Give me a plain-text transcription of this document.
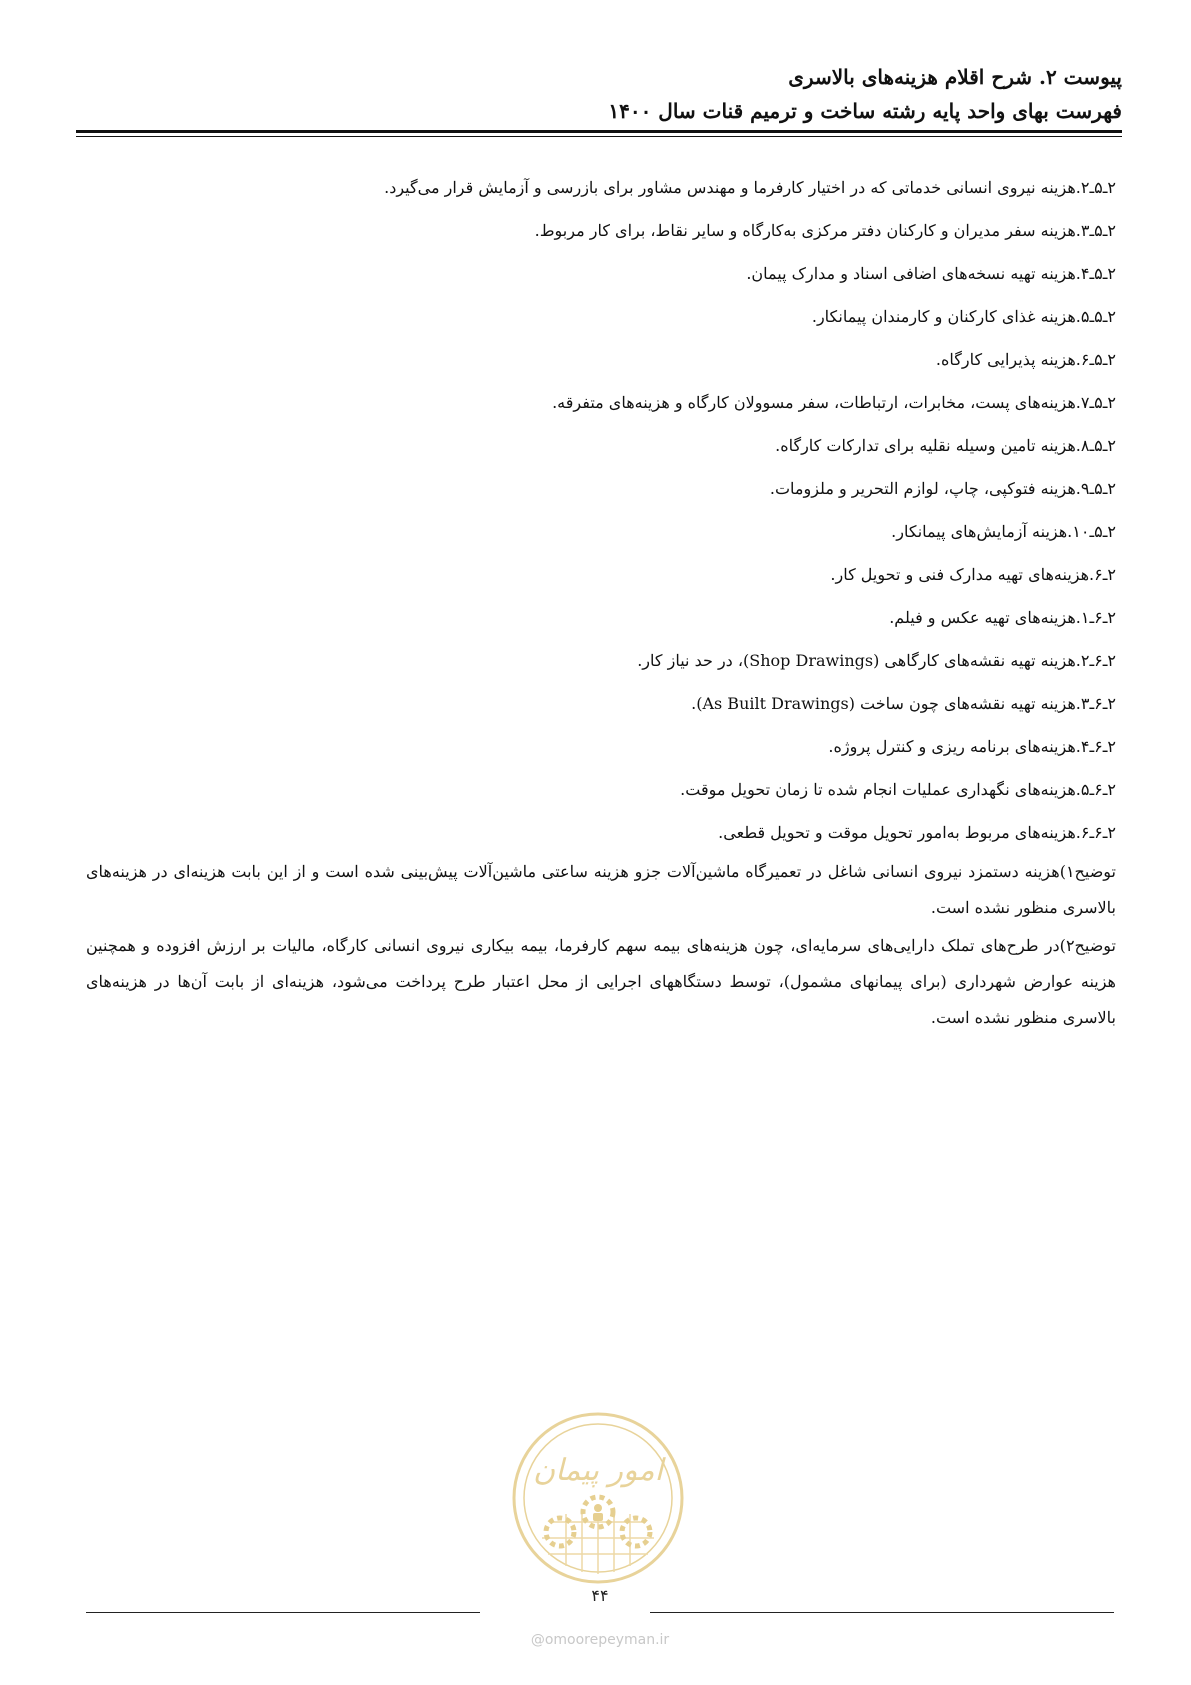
پیوست ۲. شرح اقلام هزینه‌های بالاسری
فهرست بهای واحد پایه رشته ساخت و ترمیم قنات سال ۱۴۰۰
۲ـ۵ـ۲.هزینه نیروی انسانی خدماتی که در اختیار کارفرما و مهندس مشاور برای بازرسی و آزمایش قرار می‌گیرد.
۲ـ۵ـ۳.هزینه سفر مدیران و کارکنان دفتر مرکزی به‌کارگاه و سایر نقاط، برای کار مربوط.
۲ـ۵ـ۴.هزینه تهیه نسخه‌های اضافی اسناد و مدارک پیمان.
۲ـ۵ـ۵.هزینه غذای کارکنان و کارمندان پیمانکار.
۲ـ۵ـ۶.هزینه پذیرایی کارگاه.
۲ـ۵ـ۷.هزینه‌های پست، مخابرات، ارتباطات، سفر مسوولان کارگاه و هزینه‌های متفرقه.
۲ـ۵ـ۸.هزینه تامین وسیله نقلیه برای تدارکات کارگاه.
۲ـ۵ـ۹.هزینه فتوکپی، چاپ، لوازم التحریر و ملزومات.
۲ـ۵ـ۱۰.هزینه آزمایش‌های پیمانکار.
۲ـ۶.هزینه‌های تهیه مدارک فنی و تحویل کار.
۲ـ۶ـ۱.هزینه‌های تهیه عکس و فیلم.
۲ـ۶ـ۲.هزینه تهیه نقشه‌های کارگاهی (Shop Drawings)، در حد نیاز کار.
۲ـ۶ـ۳.هزینه تهیه نقشه‌های چون ساخت (As Built Drawings).
۲ـ۶ـ۴.هزینه‌های برنامه ریزی و کنترل پروژه.
۲ـ۶ـ۵.هزینه‌های نگهداری عملیات انجام شده تا زمان تحویل موقت.
۲ـ۶ـ۶.هزینه‌های مربوط به‌امور تحویل موقت و تحویل قطعی.
توضیح۱)هزینه دستمزد نیروی انسانی شاغل در تعمیرگاه ماشین‌آلات جزو هزینه ساعتی ماشین‌آلات پیش‌بینی شده است و از این بابت هزینه‌ای در هزینه‌های بالاسری منظور نشده است.
توضیح۲)در طرح‌های تملک دارایی‌های سرمایه‌ای، چون هزینه‌های بیمه سهم کارفرما، بیمه بیکاری نیروی انسانی کارگاه، مالیات بر ارزش افزوده و همچنین هزینه عوارض شهرداری (برای پیمانهای مشمول)، توسط دستگاههای اجرایی از محل اعتبار طرح پرداخت می‌شود، هزینه‌ای از بابت آن‌ها در هزینه‌های بالاسری منظور نشده است.
امور پیمان
۴۴
@omoorepeyman.ir
